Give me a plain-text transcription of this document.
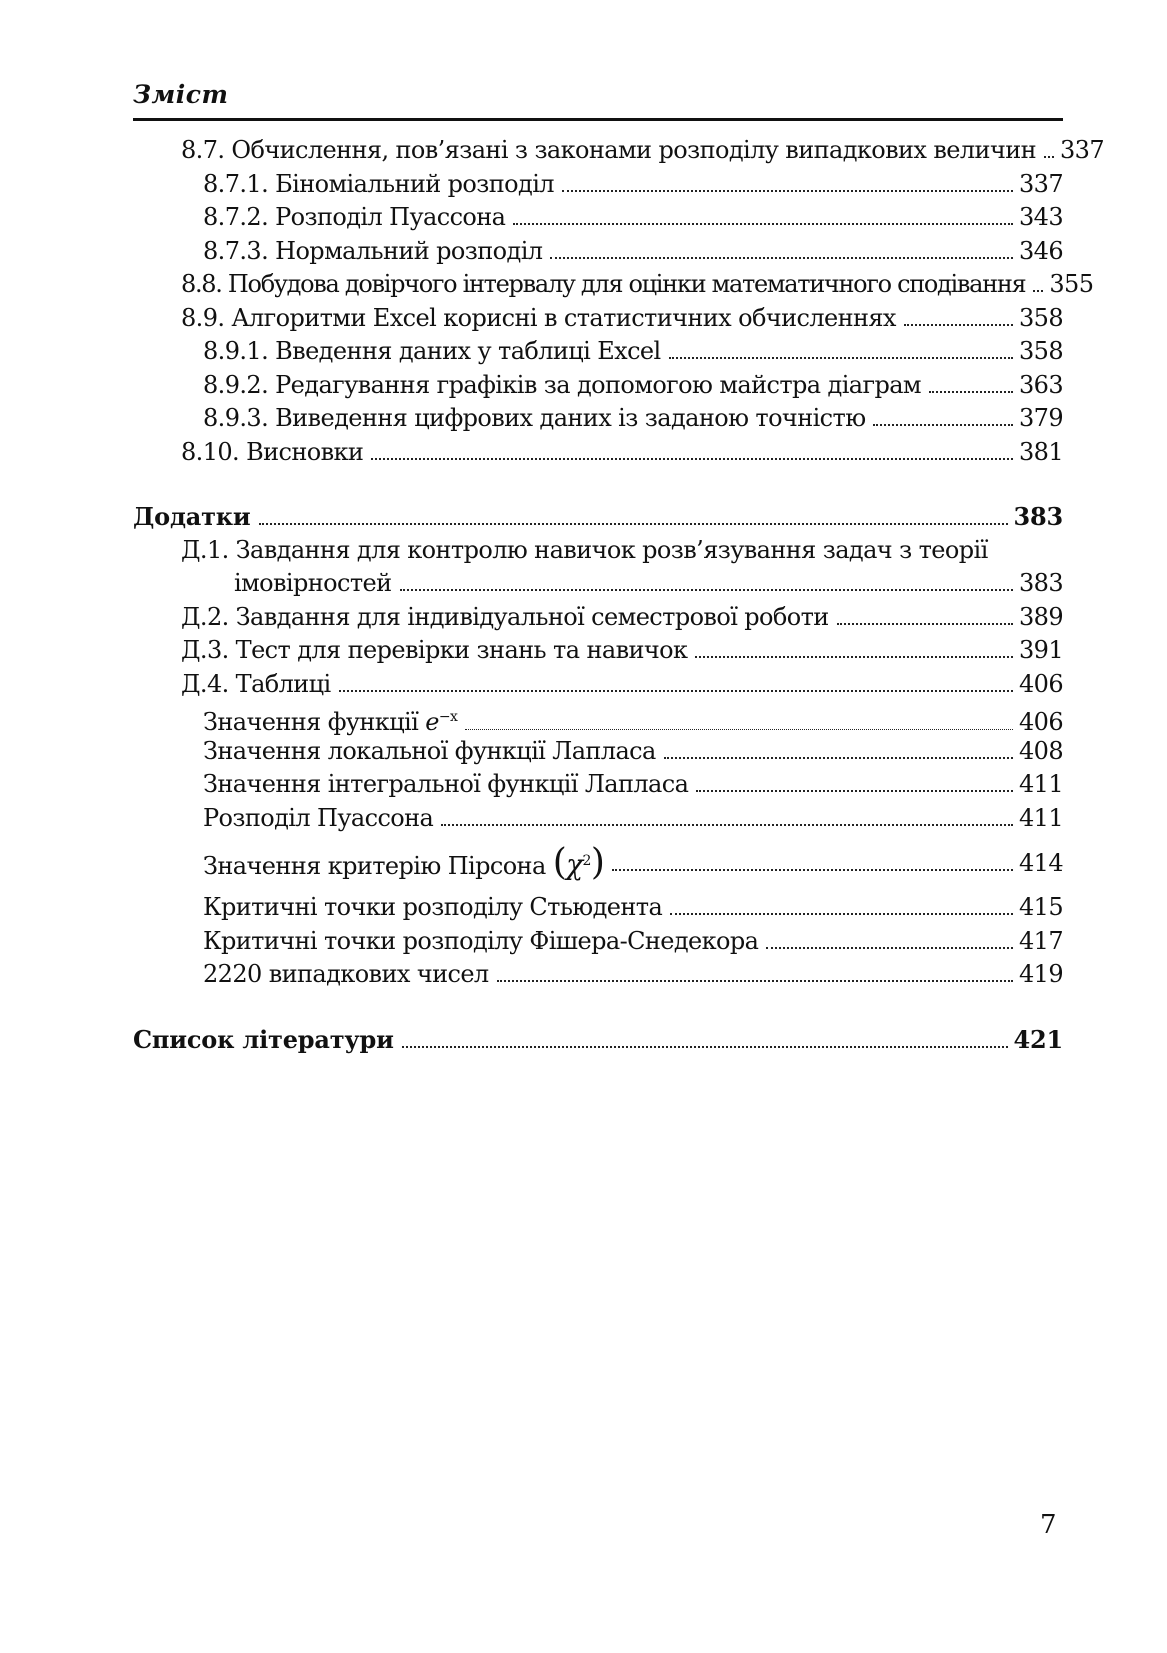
Зміст
8.7. Обчислення, пов’язані з законами розподілу випадкових величин	337
8.7.1. Біноміальний розподіл	337
8.7.2. Розподіл Пуассона	343
8.7.3. Нормальний розподіл	346
8.8. Побудова довірчого інтервалу для оцінки математичного сподівання	355
8.9. Алгоритми Excel корисні в статистичних обчисленнях	358
8.9.1. Введення даних у таблиці Excel	358
8.9.2. Редагування графіків за допомогою майстра діаграм	363
8.9.3. Виведення цифрових даних із заданою точністю	379
8.10. Висновки	381
Додатки	383
Д.1. Завдання для контролю навичок розв’язування задач з теорії
імовірностей	383
Д.2. Завдання для індивідуальної семестрової роботи	389
Д.3. Тест для перевірки знань та навичок	391
Д.4. Таблиці	406
Значення функції $e^{-x}$	406
Значення локальної функції Лапласа	408
Значення інтегральної функції Лапласа	411
Розподіл Пуассона	411
Значення критерію Пірсона $(\chi^2)$	414
Критичні точки розподілу Стьюдента	415
Критичні точки розподілу Фішера-Снедекора	417
2220 випадкових чисел	419
Список літератури	421
7
